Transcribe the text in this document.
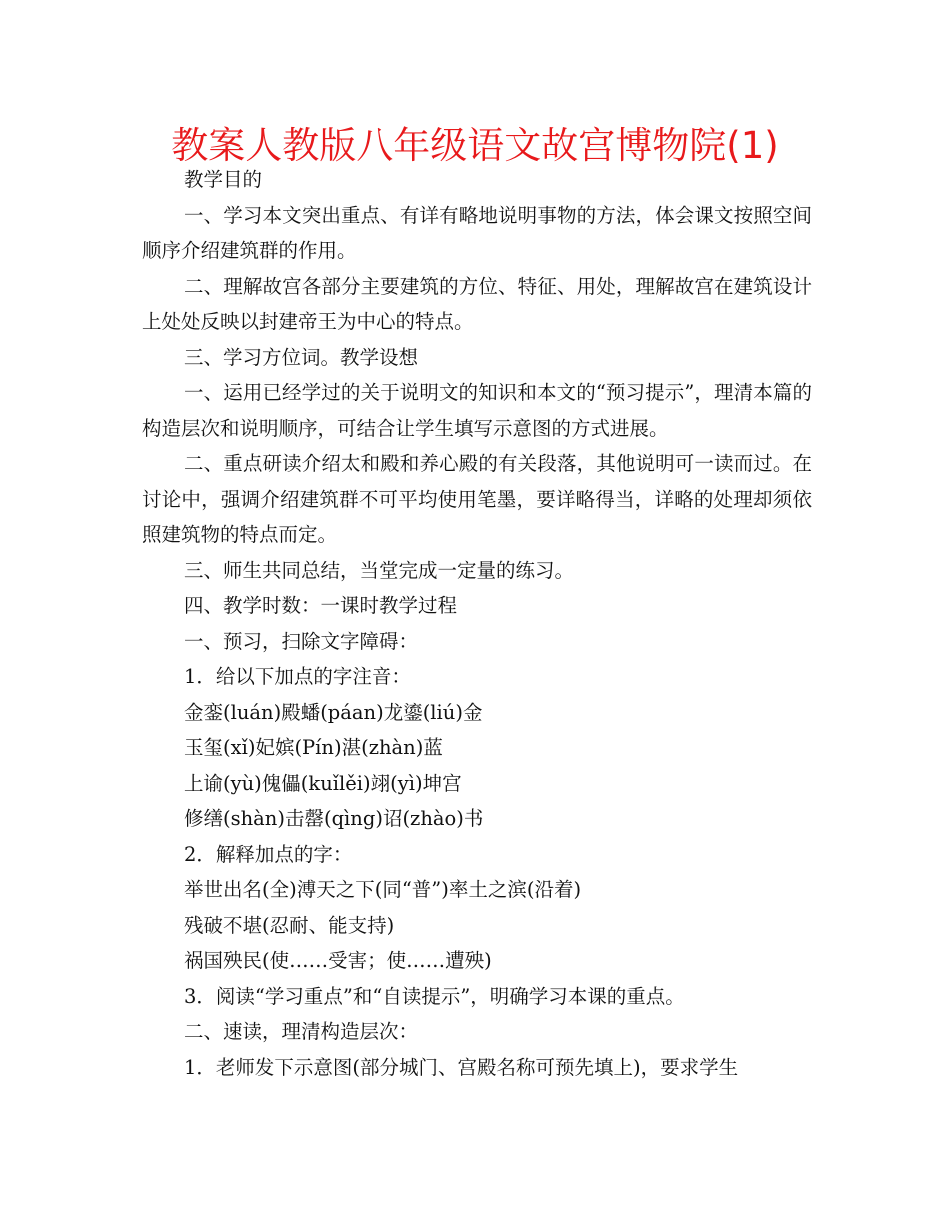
教案人教版八年级语文故宫博物院(1)

教学目的

一、学习本文突出重点、有详有略地说明事物的方法，体会课文按照空间顺序介绍建筑群的作用。

二、理解故宫各部分主要建筑的方位、特征、用处，理解故宫在建筑设计上处处反映以封建帝王为中心的特点。

三、学习方位词。教学设想

一、运用已经学过的关于说明文的知识和本文的“预习提示”，理清本篇的构造层次和说明顺序，可结合让学生填写示意图的方式进展。

二、重点研读介绍太和殿和养心殿的有关段落，其他说明可一读而过。在讨论中，强调介绍建筑群不可平均使用笔墨，要详略得当，详略的处理却须依照建筑物的特点而定。

三、师生共同总结，当堂完成一定量的练习。

四、教学时数：一课时教学过程

一、预习，扫除文字障碍：

1．给以下加点的字注音：

金銮(luán)殿蟠(páan)龙鎏(liú)金

玉玺(xǐ)妃嫔(Pín)湛(zhàn)蓝

上谕(yù)傀儡(kuǐlěi)翊(yì)坤宫

修缮(shàn)击罄(qìng)诏(zhào)书

2．解释加点的字：

举世出名(全)溥天之下(同“普”)率土之滨(沿着)

残破不堪(忍耐、能支持)

祸国殃民(使……受害；使……遭殃)

3．阅读“学习重点”和“自读提示”，明确学习本课的重点。

二、速读，理清构造层次：

1．老师发下示意图(部分城门、宫殿名称可预先填上)，要求学生
